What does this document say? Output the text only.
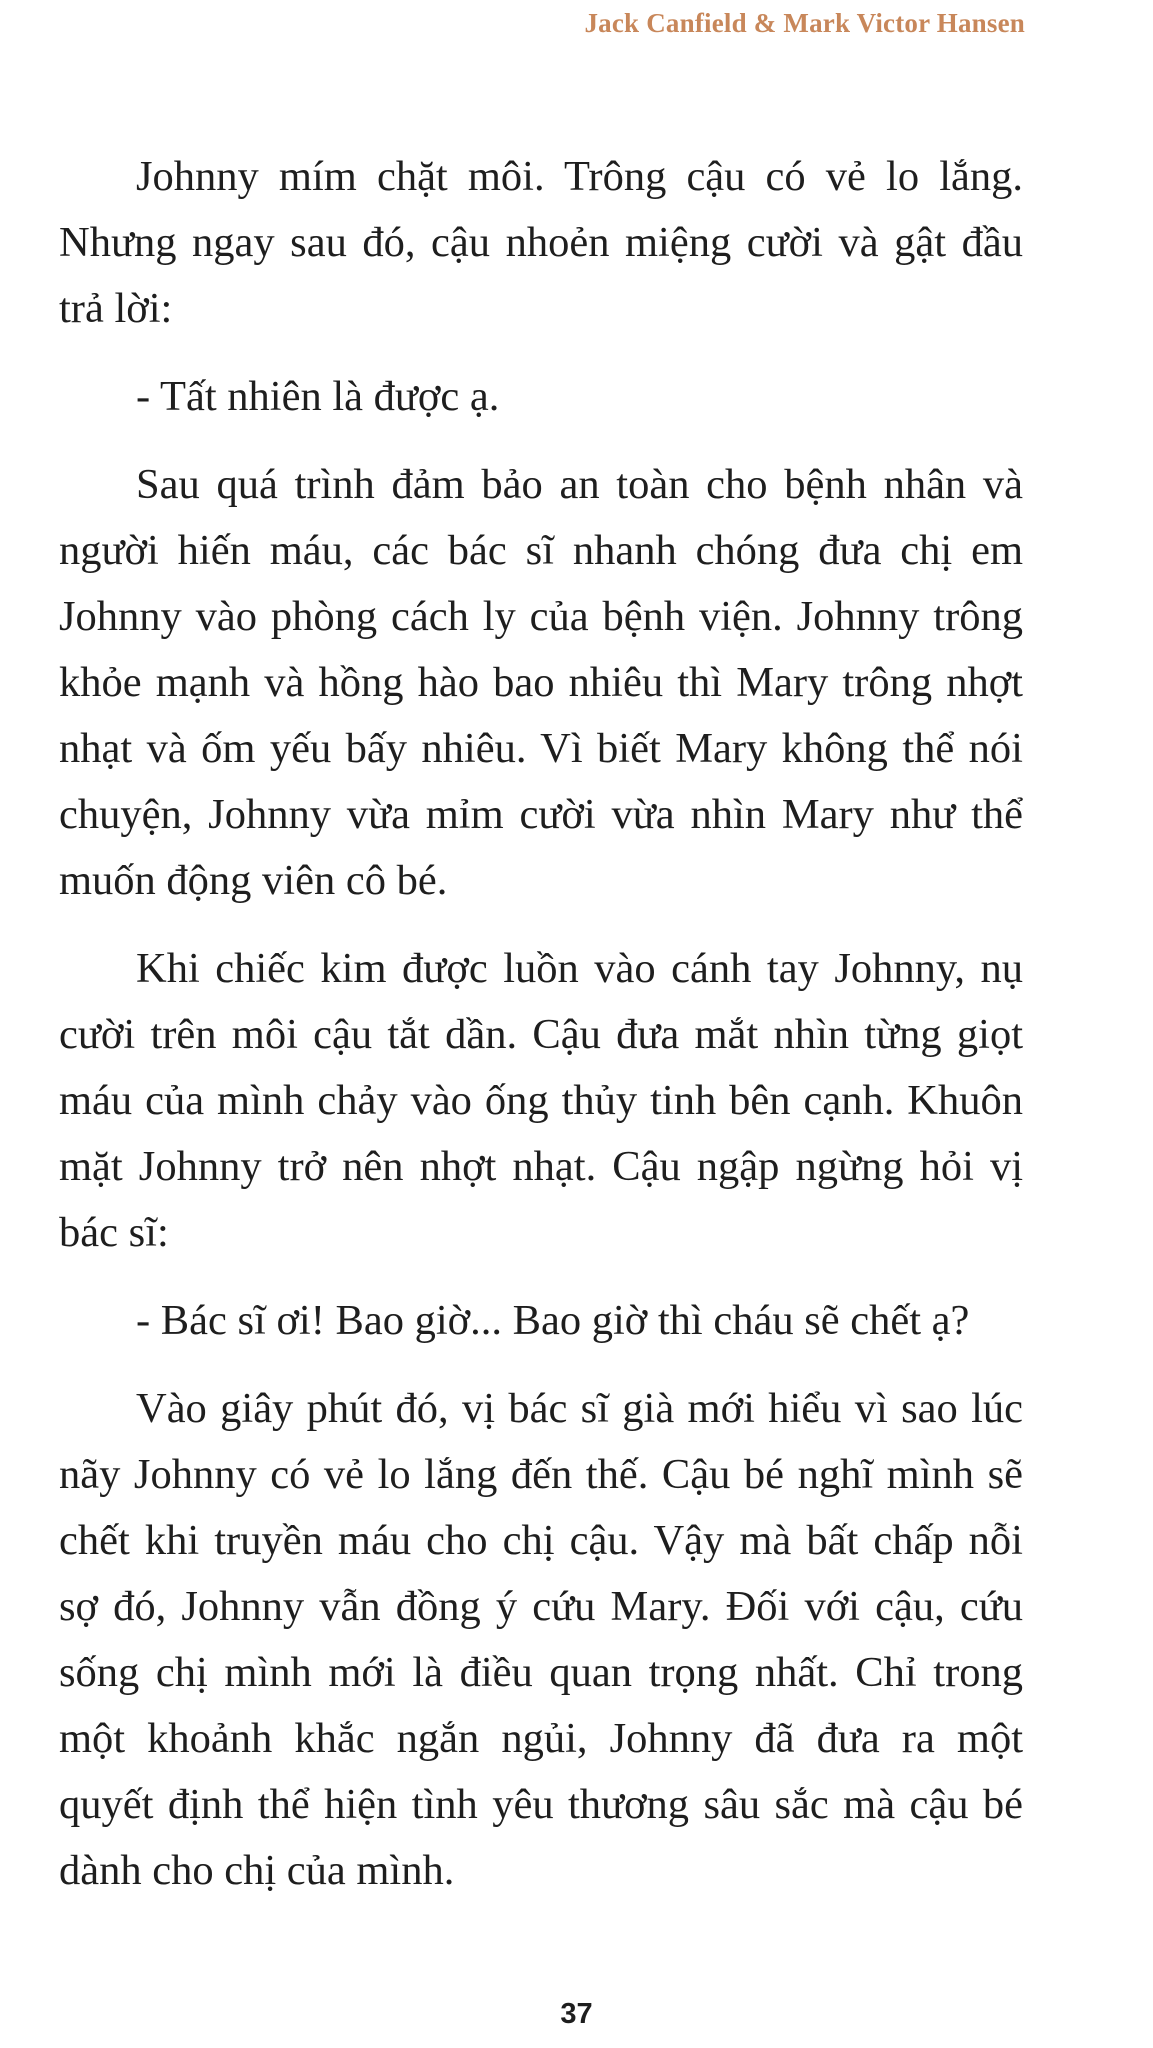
Jack Canfield & Mark Victor Hansen

Johnny mím chặt môi. Trông cậu có vẻ lo lắng. Nhưng ngay sau đó, cậu nhoẻn miệng cười và gật đầu trả lời:

- Tất nhiên là được ạ.

Sau quá trình đảm bảo an toàn cho bệnh nhân và người hiến máu, các bác sĩ nhanh chóng đưa chị em Johnny vào phòng cách ly của bệnh viện. Johnny trông khỏe mạnh và hồng hào bao nhiêu thì Mary trông nhợt nhạt và ốm yếu bấy nhiêu. Vì biết Mary không thể nói chuyện, Johnny vừa mỉm cười vừa nhìn Mary như thể muốn động viên cô bé.

Khi chiếc kim được luồn vào cánh tay Johnny, nụ cười trên môi cậu tắt dần. Cậu đưa mắt nhìn từng giọt máu của mình chảy vào ống thủy tinh bên cạnh. Khuôn mặt Johnny trở nên nhợt nhạt. Cậu ngập ngừng hỏi vị bác sĩ:

- Bác sĩ ơi! Bao giờ... Bao giờ thì cháu sẽ chết ạ?

Vào giây phút đó, vị bác sĩ già mới hiểu vì sao lúc nãy Johnny có vẻ lo lắng đến thế. Cậu bé nghĩ mình sẽ chết khi truyền máu cho chị cậu. Vậy mà bất chấp nỗi sợ đó, Johnny vẫn đồng ý cứu Mary. Đối với cậu, cứu sống chị mình mới là điều quan trọng nhất. Chỉ trong một khoảnh khắc ngắn ngủi, Johnny đã đưa ra một quyết định thể hiện tình yêu thương sâu sắc mà cậu bé dành cho chị của mình.

37
